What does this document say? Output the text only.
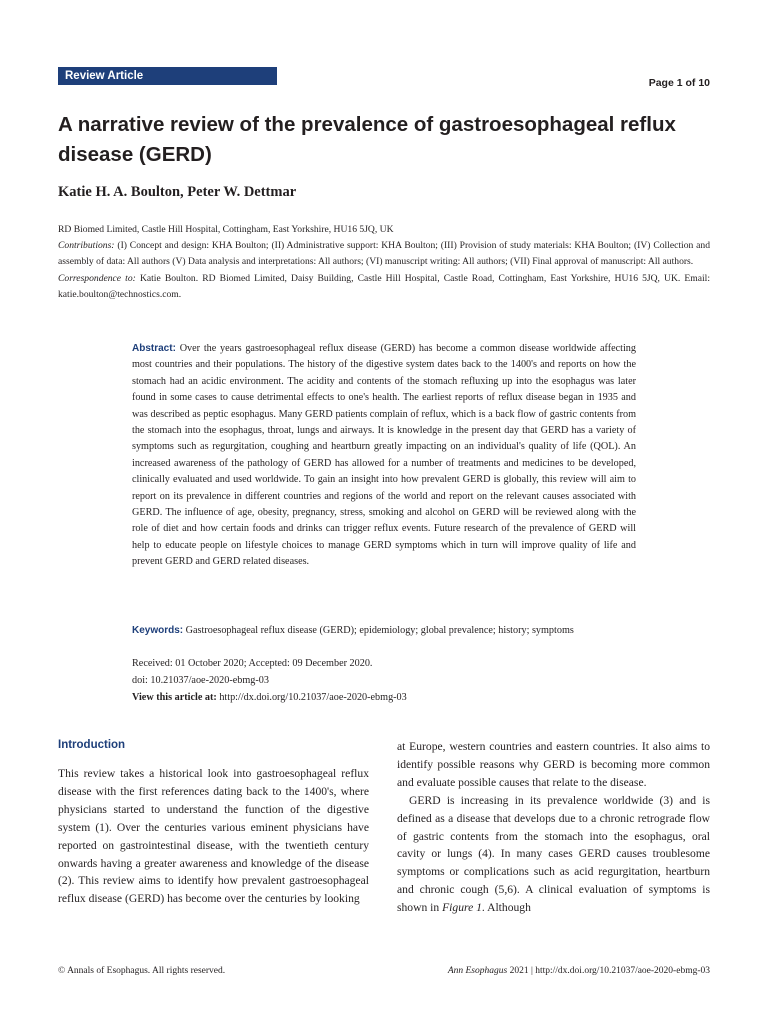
Review Article
Page 1 of 10
A narrative review of the prevalence of gastroesophageal reflux disease (GERD)
Katie H. A. Boulton, Peter W. Dettmar

RD Biomed Limited, Castle Hill Hospital, Cottingham, East Yorkshire, HU16 5JQ, UK

Contributions: (I) Concept and design: KHA Boulton; (II) Administrative support: KHA Boulton; (III) Provision of study materials: KHA Boulton; (IV) Collection and assembly of data: All authors (V) Data analysis and interpretations: All authors; (VI) manuscript writing: All authors; (VII) Final approval of manuscript: All authors.

Correspondence to: Katie Boulton. RD Biomed Limited, Daisy Building, Castle Hill Hospital, Castle Road, Cottingham, East Yorkshire, HU16 5JQ, UK. Email: katie.boulton@technostics.com.

Abstract: Over the years gastroesophageal reflux disease (GERD) has become a common disease worldwide affecting most countries and their populations. The history of the digestive system dates back to the 1400's and reports on how the stomach had an acidic environment. The acidity and contents of the stomach refluxing up into the esophagus was later found in some cases to cause detrimental effects to one's health. The earliest reports of reflux disease began in 1935 and was described as peptic esophagus. Many GERD patients complain of reflux, which is a back flow of gastric contents from the stomach into the esophagus, throat, lungs and airways. It is knowledge in the present day that GERD has a variety of symptoms such as regurgitation, coughing and heartburn greatly impacting on an individual's quality of life (QOL). An increased awareness of the pathology of GERD has allowed for a number of treatments and medicines to be developed, clinically evaluated and used worldwide. To gain an insight into how prevalent GERD is globally, this review will aim to report on its prevalence in different countries and regions of the world and report on the relevant causes associated with GERD. The influence of age, obesity, pregnancy, stress, smoking and alcohol on GERD will be reviewed along with the role of diet and how certain foods and drinks can trigger reflux events. Future research of the prevalence of GERD will help to educate people on lifestyle choices to manage GERD symptoms which in turn will improve quality of life and prevent GERD and GERD related diseases.
Keywords: Gastroesophageal reflux disease (GERD); epidemiology; global prevalence; history; symptoms

Received: 01 October 2020; Accepted: 09 December 2020.

doi: 10.21037/aoe-2020-ebmg-03

View this article at: http://dx.doi.org/10.21037/aoe-2020-ebmg-03

Introduction

This review takes a historical look into gastroesophageal reflux disease with the first references dating back to the 1400's, where physicians started to understand the function of the digestive system (1). Over the centuries various eminent physicians have reported on gastrointestinal disease, with the twentieth century onwards having a greater awareness and knowledge of the disease (2). This review aims to identify how prevalent gastroesophageal reflux disease (GERD) has become over the centuries by looking

at Europe, western countries and eastern countries. It also aims to identify possible reasons why GERD is becoming more common and evaluate possible causes that relate to the disease.

GERD is increasing in its prevalence worldwide (3) and is defined as a disease that develops due to a chronic retrograde flow of gastric contents from the stomach into the esophagus, oral cavity or lungs (4). In many cases GERD causes troublesome symptoms or complications such as acid regurgitation, heartburn and chronic cough (5,6). A clinical evaluation of symptoms is shown in Figure 1. Although

© Annals of Esophagus. All rights reserved.	Ann Esophagus 2021 | http://dx.doi.org/10.21037/aoe-2020-ebmg-03
